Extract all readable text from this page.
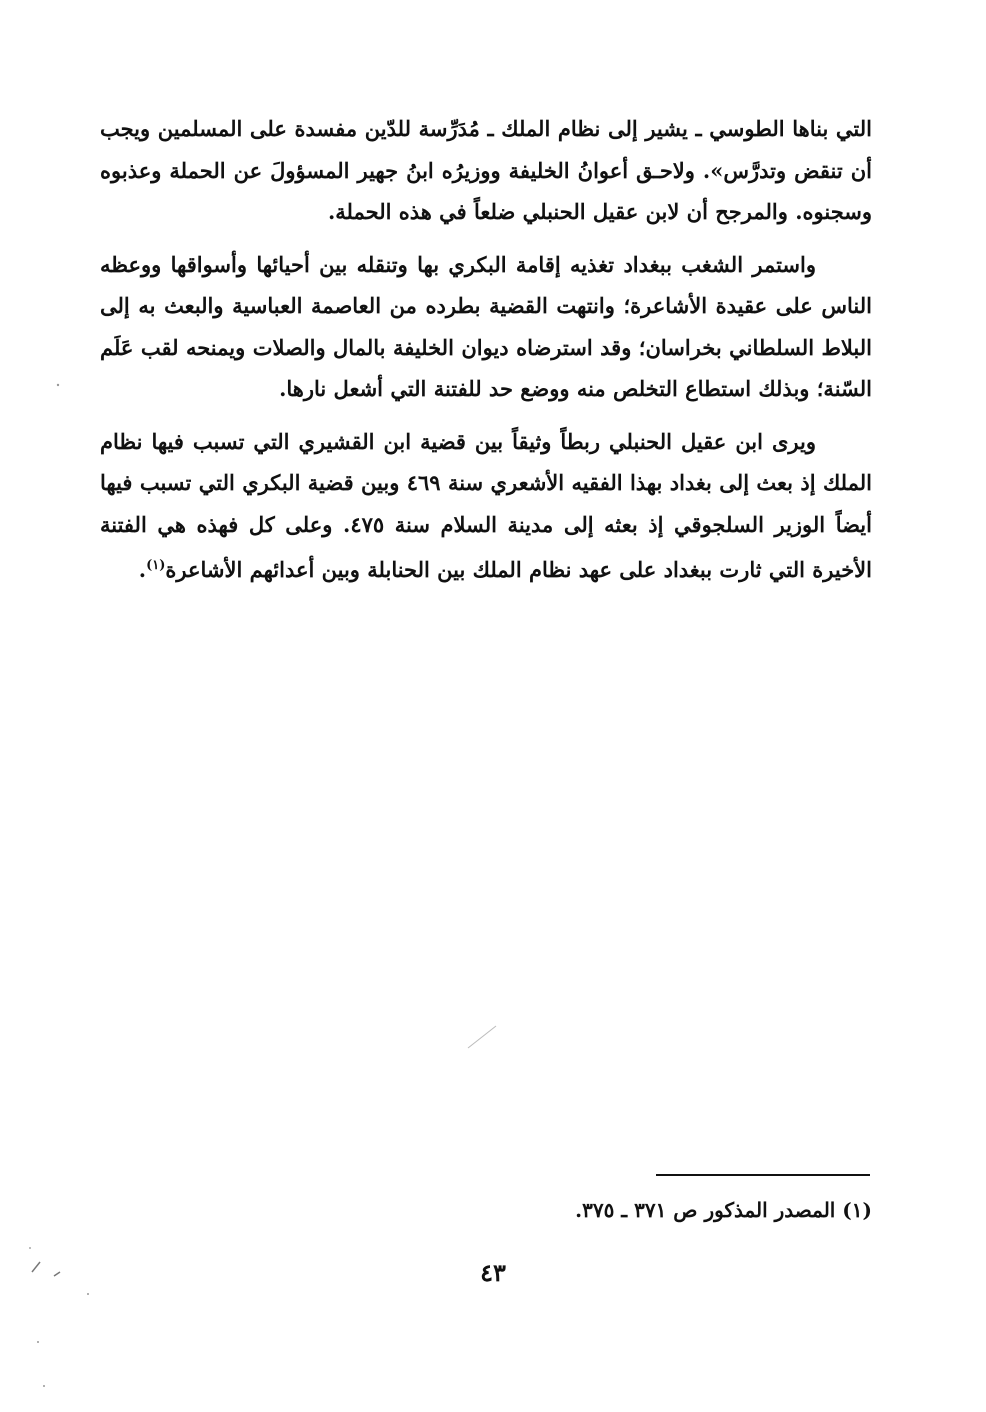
التي بناها الطوسي ـ يشير إلى نظام الملك ـ مُدَرِّسة للدّين مفسدة على المسلمين ويجب أن تنقض وتدرَّس». ولاحـق أعوانُ الخليفة ووزيرُه ابنُ جهير المسؤولَ عن الحملة وعذبوه وسجنوه. والمرجح أن لابن عقيل الحنبلي ضلعاً في هذه الحملة.

واستمر الشغب ببغداد تغذيه إقامة البكري بها وتنقله بين أحيائها وأسواقها ووعظه الناس على عقيدة الأشاعرة؛ وانتهت القضية بطرده من العاصمة العباسية والبعث به إلى البلاط السلطاني بخراسان؛ وقد استرضاه ديوان الخليفة بالمال والصلات ويمنحه لقب عَلَم السّنة؛ وبذلك استطاع التخلص منه ووضع حد للفتنة التي أشعل نارها.

ويرى ابن عقيل الحنبلي ربطاً وثيقاً بين قضية ابن القشيري التي تسبب فيها نظام الملك إذ بعث إلى بغداد بهذا الفقيه الأشعري سنة ٤٦٩ وبين قضية البكري التي تسبب فيها أيضاً الوزير السلجوقي إذ بعثه إلى مدينة السلام سنة ٤٧٥. وعلى كل فهذه هي الفتنة الأخيرة التي ثارت ببغداد على عهد نظام الملك بين الحنابلة وبين أعدائهم الأشاعرة$^{(١)}$.

(١) المصدر المذكور ص ٣٧١ ـ ٣٧٥.
٤٣
